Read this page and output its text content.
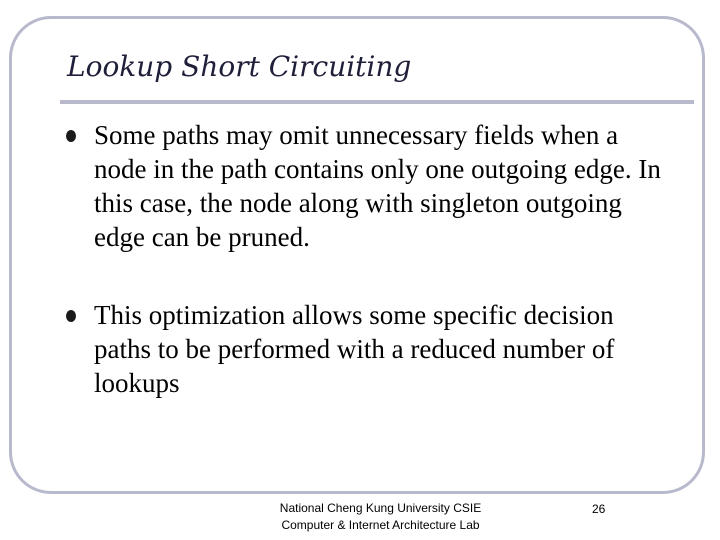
Lookup Short Circuiting
Some paths may omit unnecessary fields when a node in the path contains only one outgoing edge. In this case, the node along with singleton outgoing edge can be pruned.
This optimization allows some specific decision paths to be performed with a reduced number of lookups
National Cheng Kung University CSIE
Computer & Internet Architecture Lab
26
